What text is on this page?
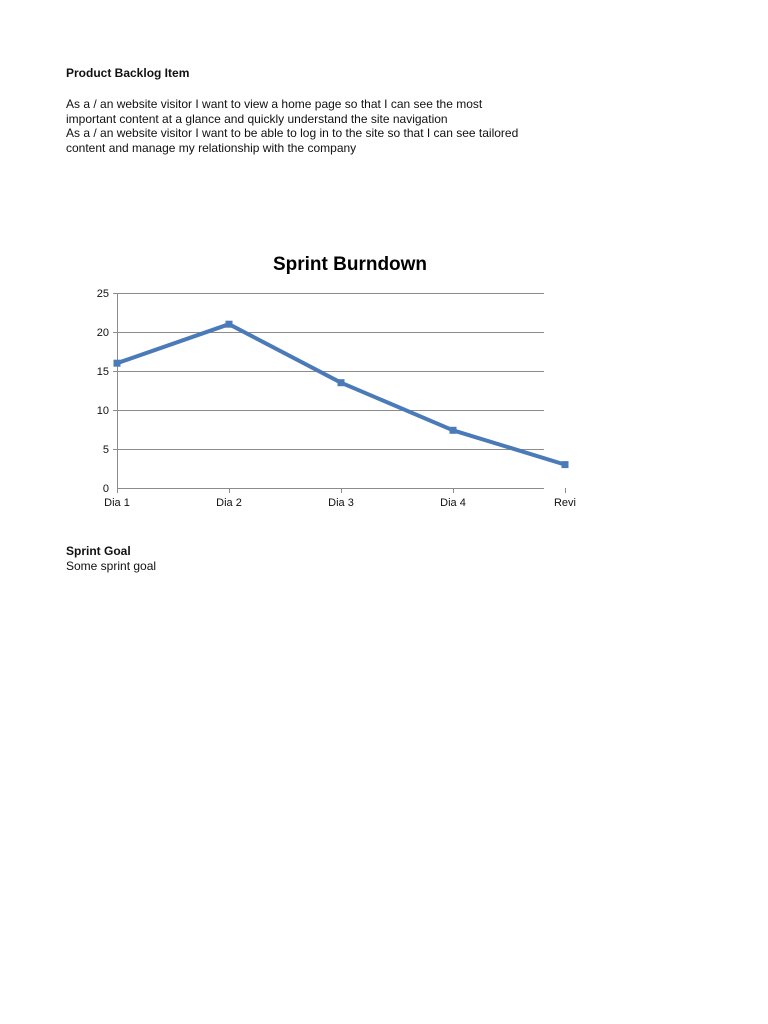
Product Backlog Item
As a / an website visitor I want to view a home page so that I can see the most important content at a glance and quickly understand the site navigation
As a / an website visitor I want to be able to log in to the site so that I can see tailored content and manage my relationship with the company
Sprint Burndown
0
5
10
15
20
25
Dia 1	Dia 2	Dia 3	Dia 4	Revi
Sprint Goal
Some sprint goal
